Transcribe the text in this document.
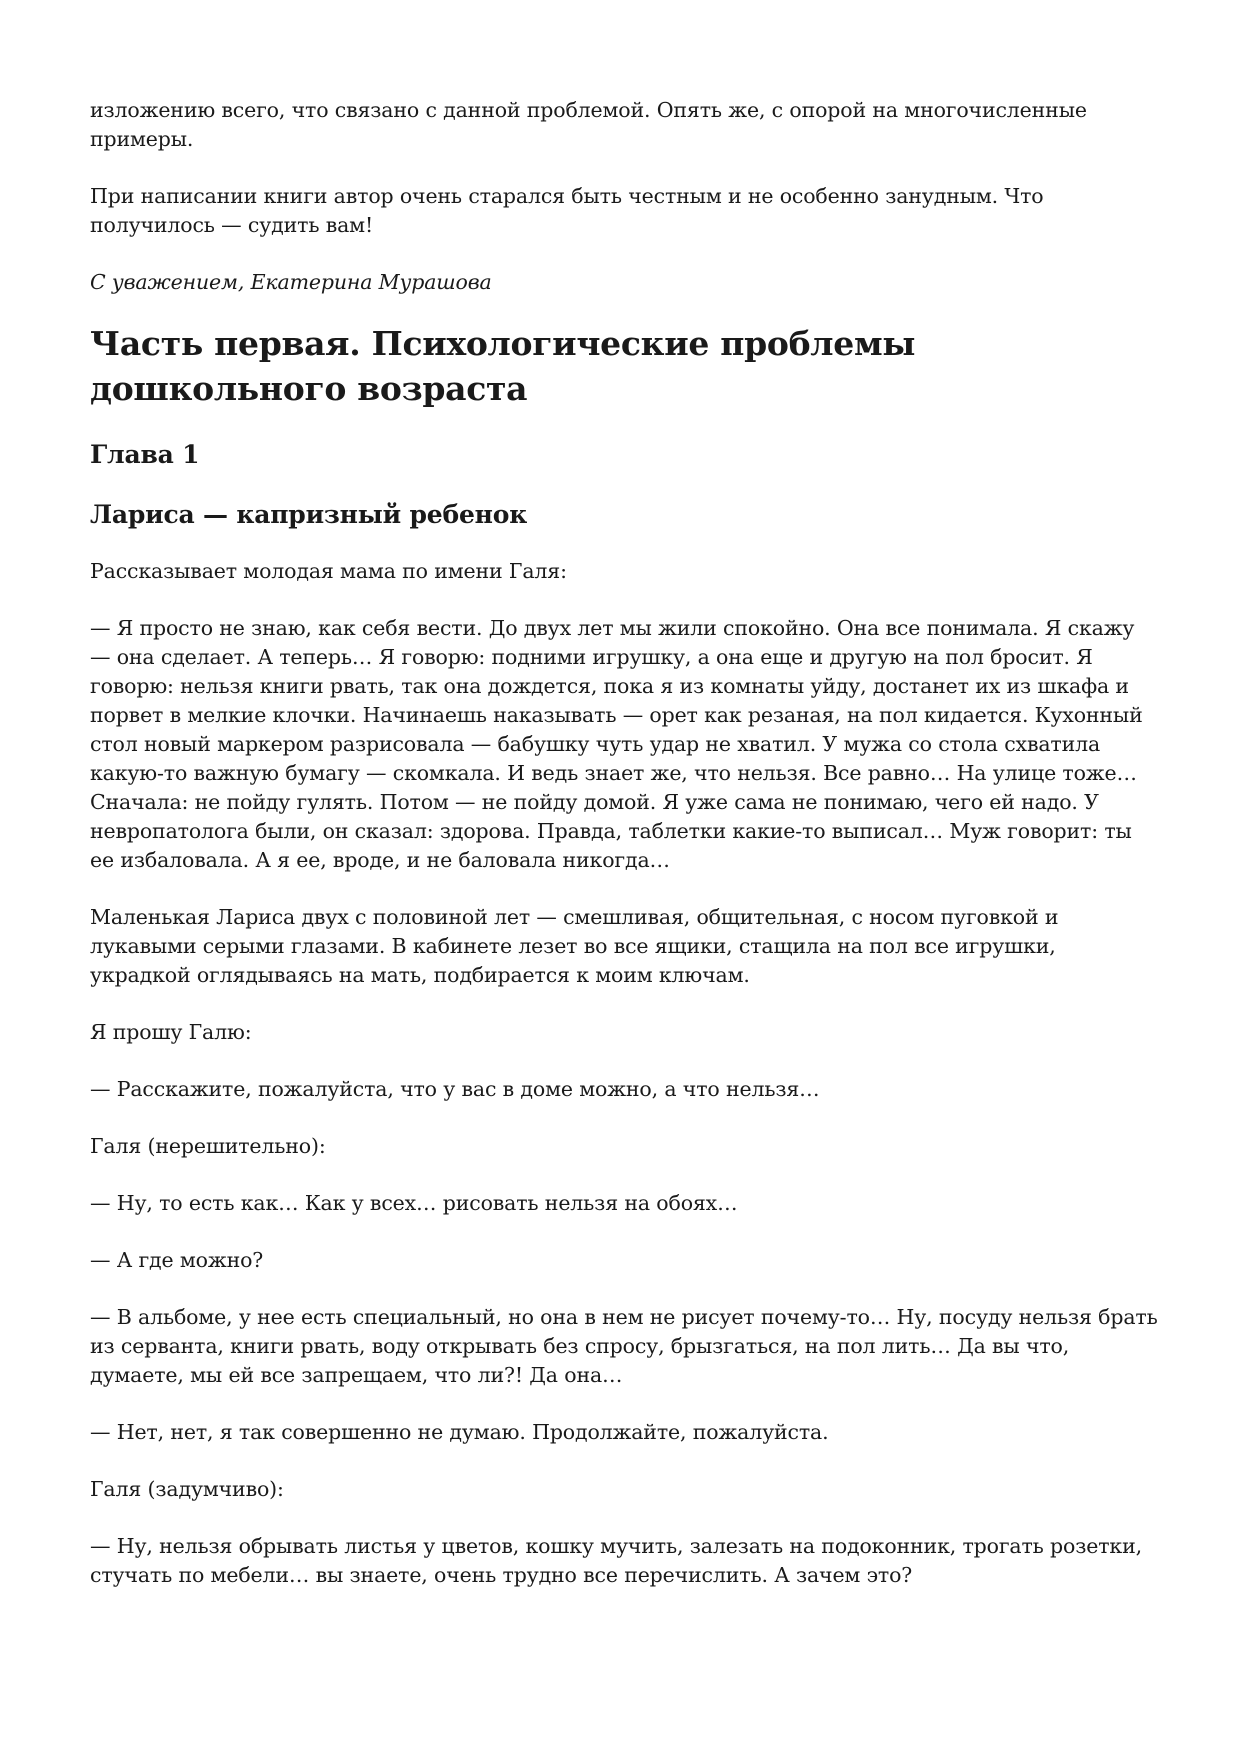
изложению всего, что связано с данной проблемой. Опять же, с опорой на многочисленные примеры.

При написании книги автор очень старался быть честным и не особенно занудным. Что получилось — судить вам!

С уважением, Екатерина Мурашова

Часть первая. Психологические проблемы дошкольного возраста
Глава 1
Лариса — капризный ребенок

Рассказывает молодая мама по имени Галя:

— Я просто не знаю, как себя вести. До двух лет мы жили спокойно. Она все понимала. Я скажу — она сделает. А теперь… Я говорю: подними игрушку, а она еще и другую на пол бросит. Я говорю: нельзя книги рвать, так она дождется, пока я из комнаты уйду, достанет их из шкафа и порвет в мелкие клочки. Начинаешь наказывать — орет как резаная, на пол кидается. Кухонный стол новый маркером разрисовала — бабушку чуть удар не хватил. У мужа со стола схватила какую-то важную бумагу — скомкала. И ведь знает же, что нельзя. Все равно… На улице тоже… Сначала: не пойду гулять. Потом — не пойду домой. Я уже сама не понимаю, чего ей надо. У невропатолога были, он сказал: здорова. Правда, таблетки какие-то выписал… Муж говорит: ты ее избаловала. А я ее, вроде, и не баловала никогда…

Маленькая Лариса двух с половиной лет — смешливая, общительная, с носом пуговкой и лукавыми серыми глазами. В кабинете лезет во все ящики, стащила на пол все игрушки, украдкой оглядываясь на мать, подбирается к моим ключам.

Я прошу Галю:

— Расскажите, пожалуйста, что у вас в доме можно, а что нельзя…

Галя (нерешительно):

— Ну, то есть как… Как у всех… рисовать нельзя на обоях…

— А где можно?

— В альбоме, у нее есть специальный, но она в нем не рисует почему-то… Ну, посуду нельзя брать из серванта, книги рвать, воду открывать без спросу, брызгаться, на пол лить… Да вы что, думаете, мы ей все запрещаем, что ли?! Да она…

— Нет, нет, я так совершенно не думаю. Продолжайте, пожалуйста.

Галя (задумчиво):

— Ну, нельзя обрывать листья у цветов, кошку мучить, залезать на подоконник, трогать розетки, стучать по мебели… вы знаете, очень трудно все перечислить. А зачем это?
